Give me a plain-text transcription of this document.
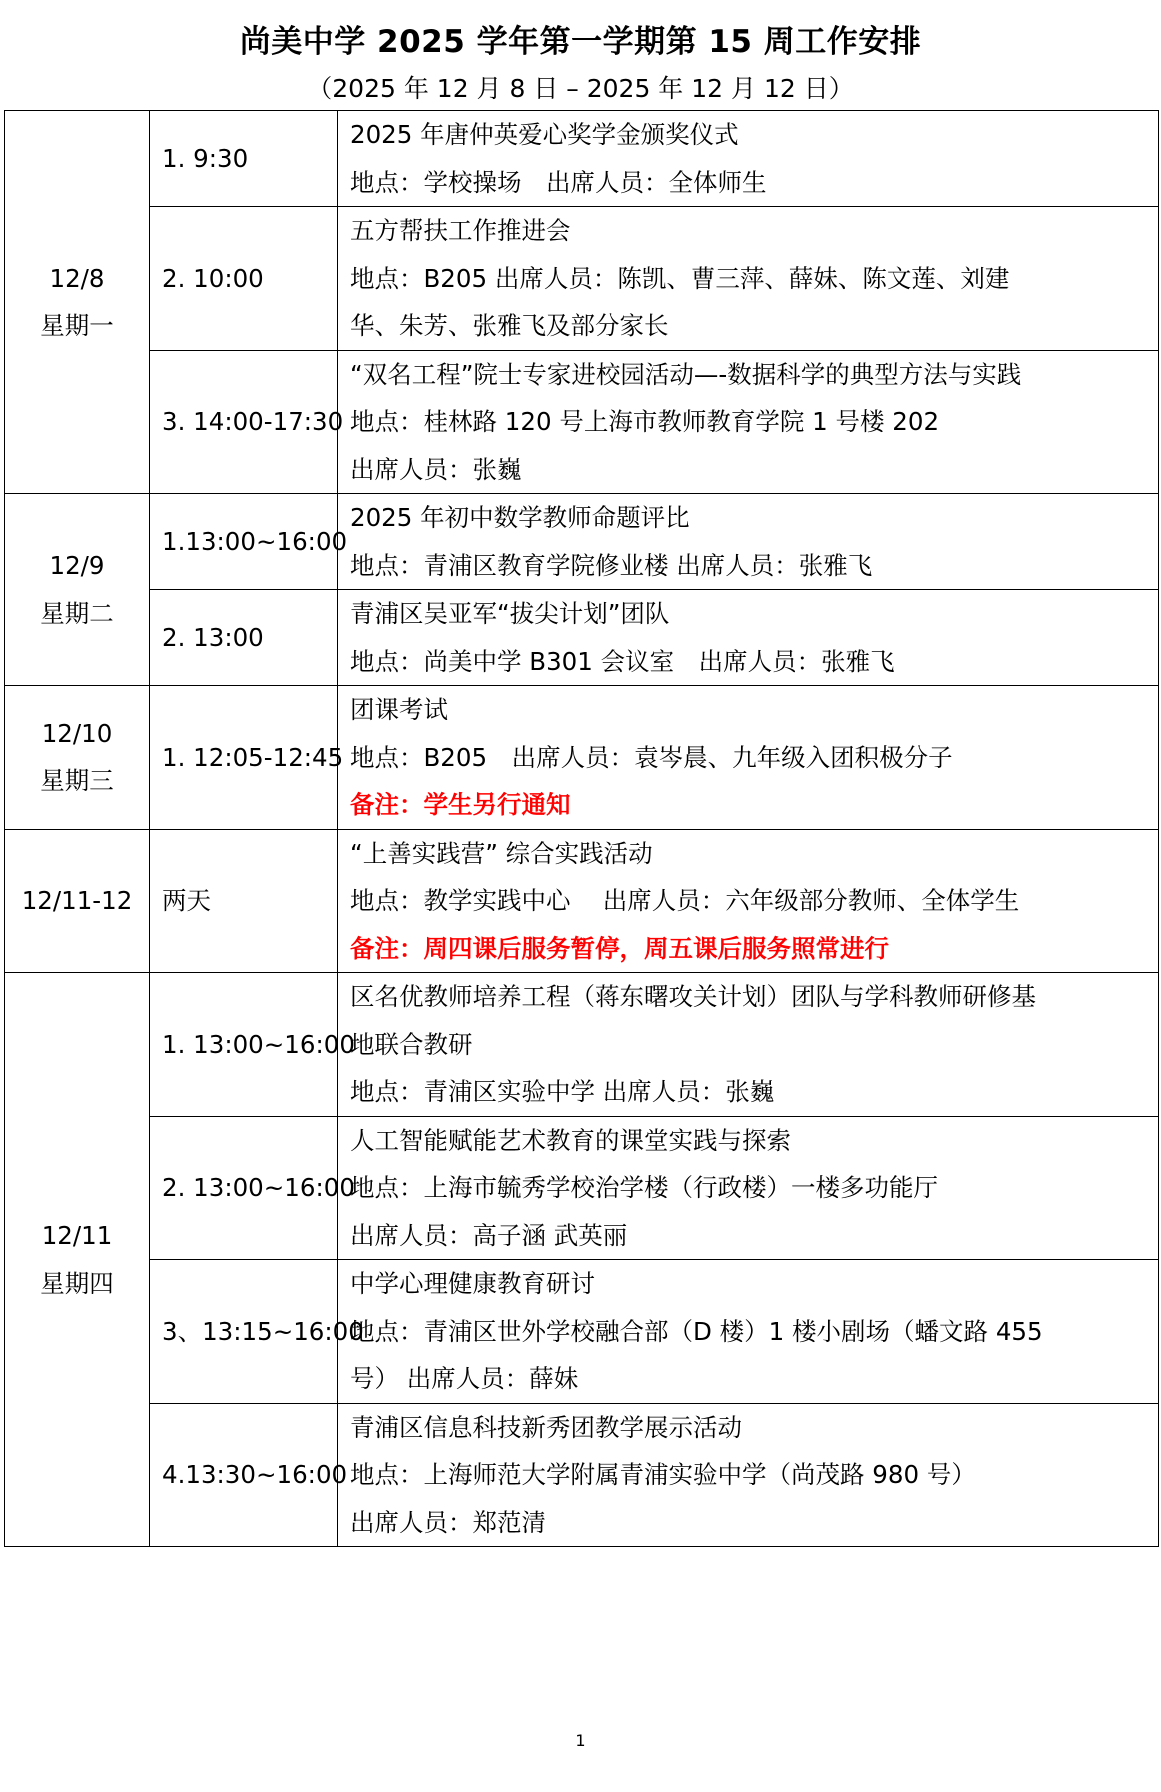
尚美中学 2025 学年第一学期第 15 周工作安排
（2025 年 12 月 8 日 – 2025 年 12 月 12 日）
12/8
星期一	1. 9:30	2025 年唐仲英爱心奖学金颁奖仪式
地点：学校操场　出席人员：全体师生

	2. 10:00	五方帮扶工作推进会
地点：B205 出席人员：陈凯、曹三萍、薛妹、陈文莲、刘建
华、朱芳、张雅飞及部分家长

	3. 14:00-17:30	“双名工程”院士专家进校园活动—-数据科学的典型方法与实践
地点：桂林路 120 号上海市教师教育学院 1 号楼 202
出席人员：张巍

12/9
星期二	1.13:00~16:00	2025 年初中数学教师命题评比
地点：青浦区教育学院修业楼 出席人员：张雅飞

	2. 13:00	青浦区吴亚军“拔尖计划”团队
地点：尚美中学 B301 会议室　出席人员：张雅飞

12/10
星期三	1. 12:05-12:45	团课考试
地点：B205　出席人员：袁岑晨、九年级入团积极分子
备注：学生另行通知

12/11-12	两天	“上善实践营” 综合实践活动
地点：教学实践中心　 出席人员：六年级部分教师、全体学生
备注：周四课后服务暂停，周五课后服务照常进行

12/11
星期四	1. 13:00~16:00	区名优教师培养工程（蒋东曙攻关计划）团队与学科教师研修基
地联合教研
地点：青浦区实验中学 出席人员：张巍

	2. 13:00~16:00	人工智能赋能艺术教育的课堂实践与探索
地点：上海市毓秀学校治学楼（行政楼）一楼多功能厅
出席人员：高子涵 武英丽

	3、13:15~16:00	中学心理健康教育研讨
地点：青浦区世外学校融合部（D 楼）1 楼小剧场（蟠文路 455
号） 出席人员：薛妹

	4.13:30~16:00	青浦区信息科技新秀团教学展示活动
地点：上海师范大学附属青浦实验中学（尚茂路 980 号）
出席人员：郑范清
1
